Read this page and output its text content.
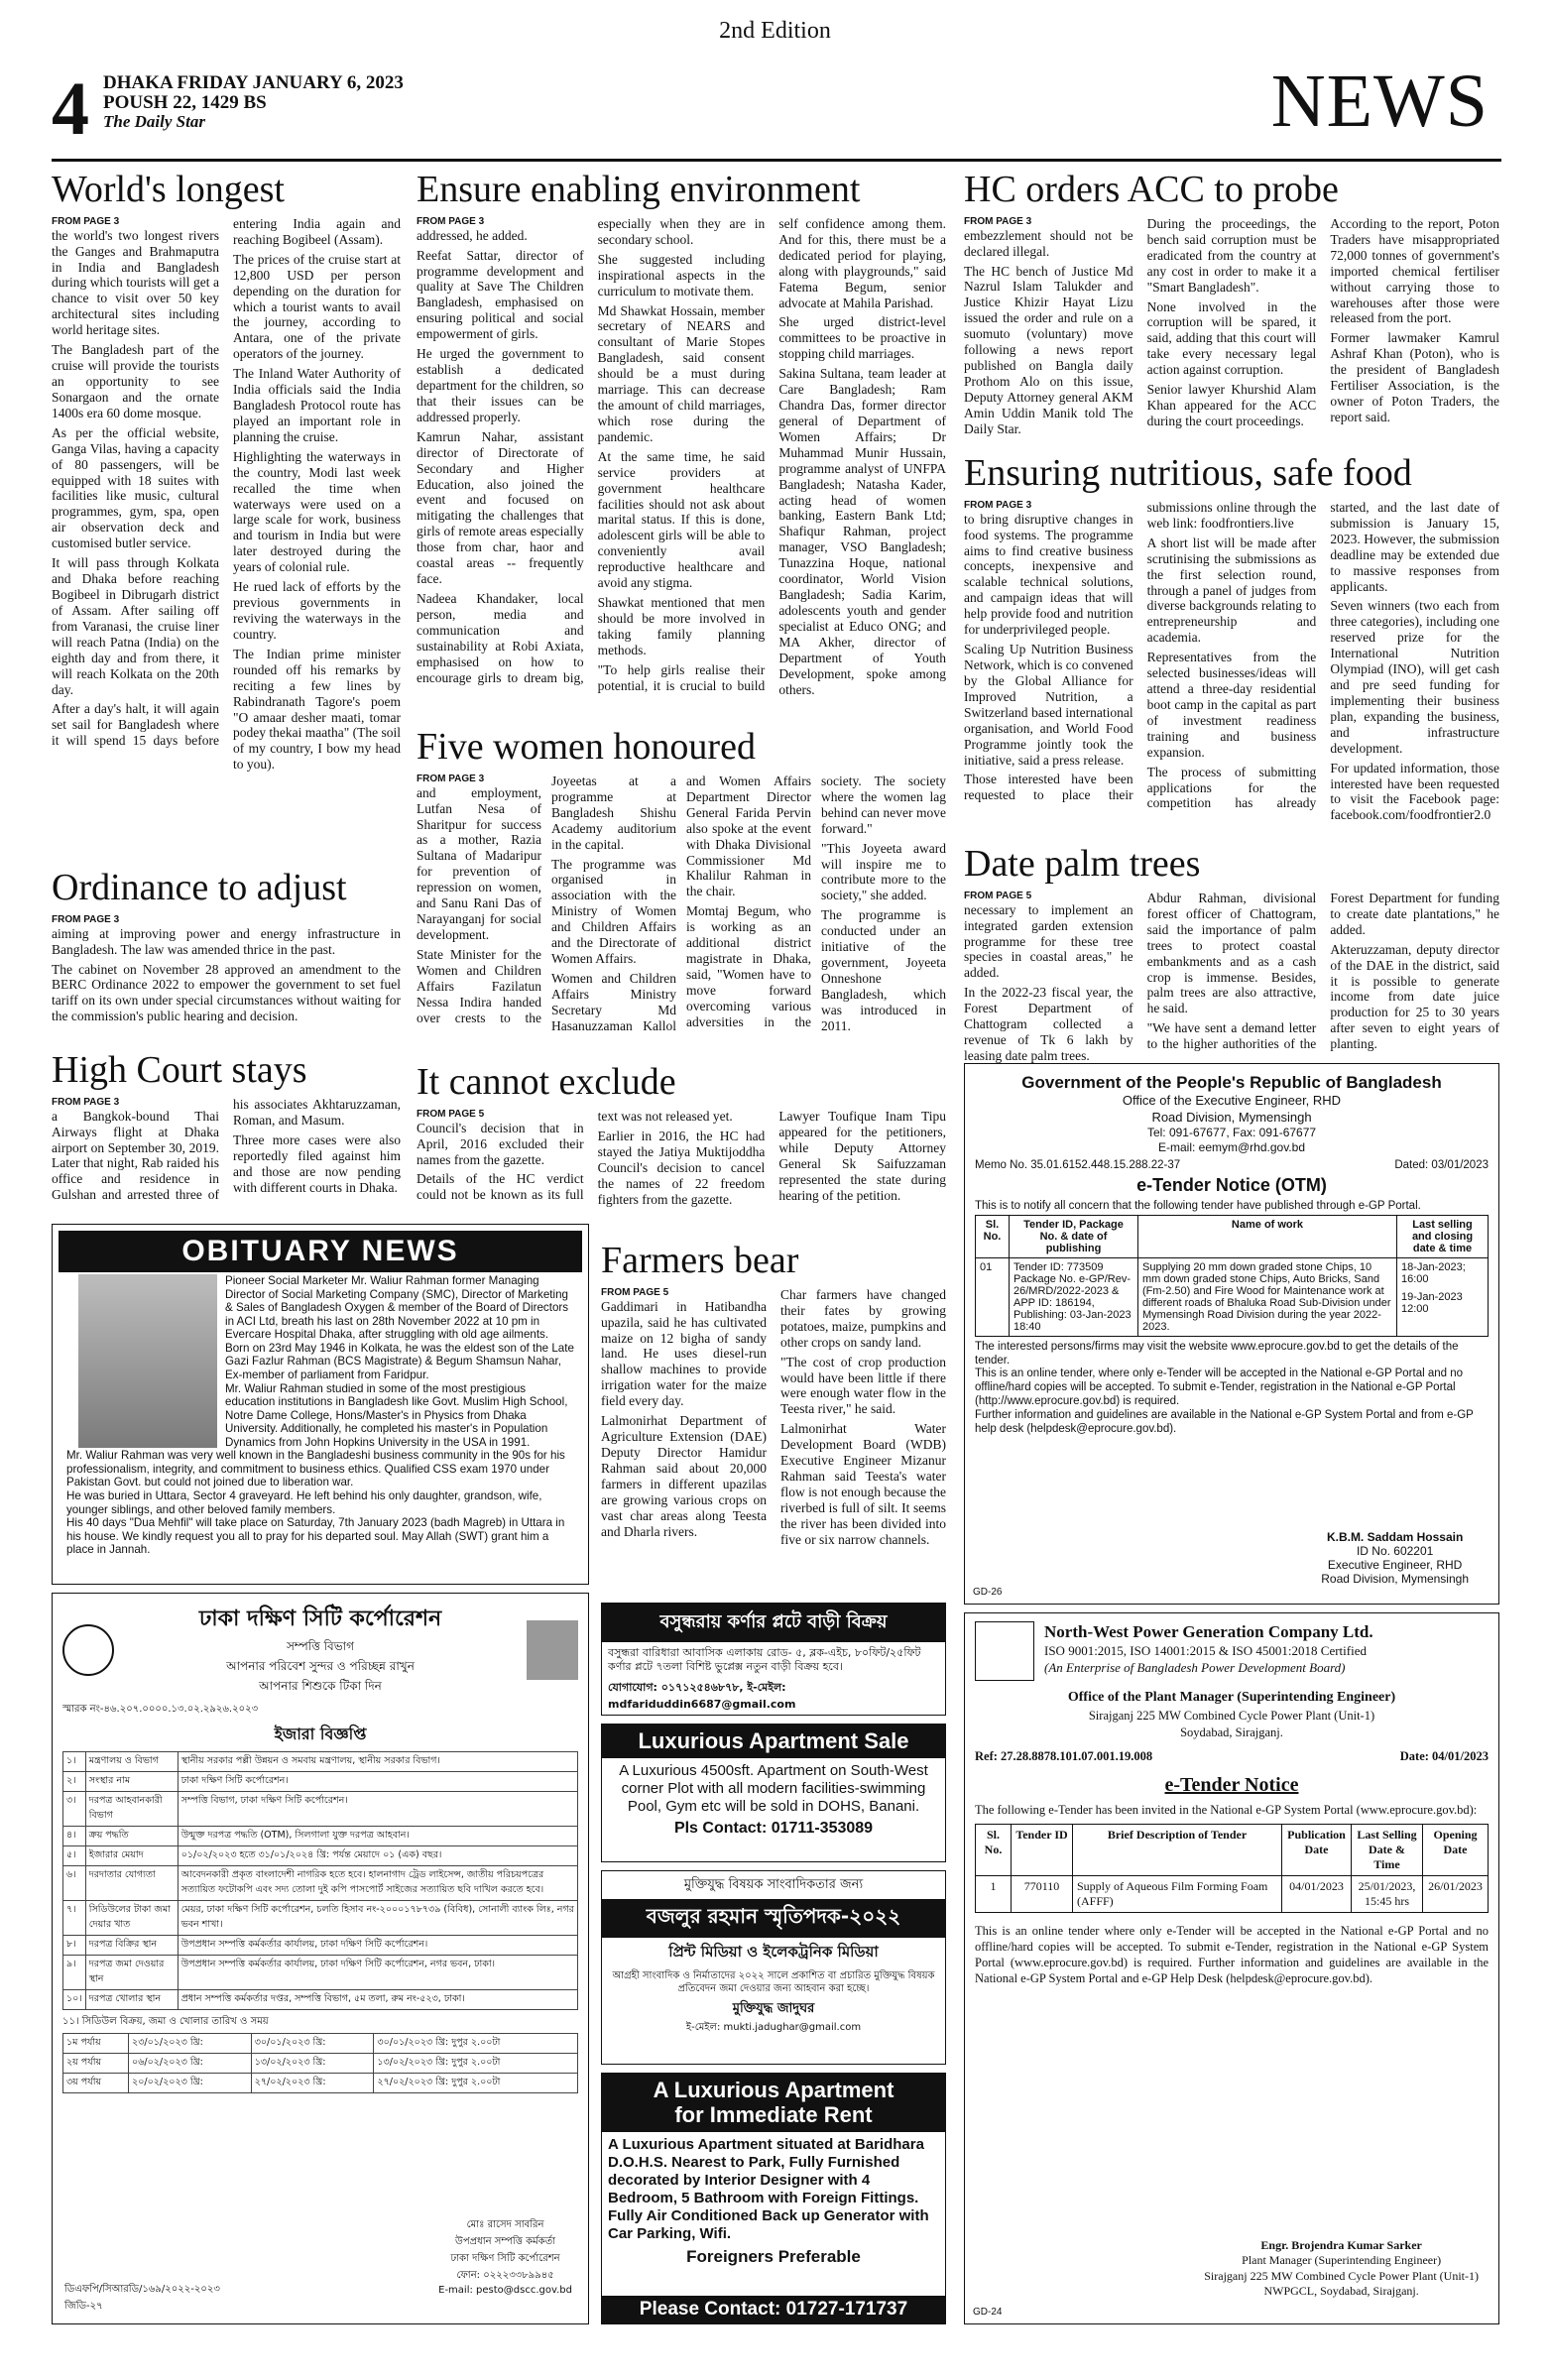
2nd Edition
4 DHAKA FRIDAY JANUARY 6, 2023
POUSH 22, 1429 BS
The Daily Star	NEWS
World's longest
FROM PAGE 3

the world's two longest rivers the Ganges and Brahmaputra in India and Bangladesh during which tourists will get a chance to visit over 50 key architectural sites including world heritage sites.

The Bangladesh part of the cruise will provide the tourists an opportunity to see Sonargaon and the ornate 1400s era 60 dome mosque.

As per the official website, Ganga Vilas, having a capacity of 80 passengers, will be equipped with 18 suites with facilities like music, cultural programmes, gym, spa, open air observation deck and customised butler service.

It will pass through Kolkata and Dhaka before reaching Bogibeel in Dibrugarh district of Assam. After sailing off from Varanasi, the cruise liner will reach Patna (India) on the eighth day and from there, it will reach Kolkata on the 20th day.

After a day's halt, it will again set sail for Bangladesh where it will spend 15 days before entering India again and reaching Bogibeel (Assam).

The prices of the cruise start at 12,800 USD per person depending on the duration for which a tourist wants to avail the journey, according to Antara, one of the private operators of the journey.

The Inland Water Authority of India officials said the India Bangladesh Protocol route has played an important role in planning the cruise.

Highlighting the waterways in the country, Modi last week recalled the time when waterways were used on a large scale for work, business and tourism in India but were later destroyed during the years of colonial rule.

He rued lack of efforts by the previous governments in reviving the waterways in the country.

The Indian prime minister rounded off his remarks by reciting a few lines by Rabindranath Tagore's poem "O amaar desher maati, tomar podey thekai maatha" (The soil of my country, I bow my head to you).

Ensure enabling environment
FROM PAGE 3

addressed, he added.

Reefat Sattar, director of programme development and quality at Save The Children Bangladesh, emphasised on ensuring political and social empowerment of girls.

He urged the government to establish a dedicated department for the children, so that their issues can be addressed properly.

Kamrun Nahar, assistant director of Directorate of Secondary and Higher Education, also joined the event and focused on mitigating the challenges that girls of remote areas especially those from char, haor and coastal areas -- frequently face.

Nadeea Khandaker, local person, media and communication and sustainability at Robi Axiata, emphasised on how to encourage girls to dream big, especially when they are in secondary school.

She suggested including inspirational aspects in the curriculum to motivate them.

Md Shawkat Hossain, member secretary of NEARS and consultant of Marie Stopes Bangladesh, said consent should be a must during marriage. This can decrease the amount of child marriages, which rose during the pandemic.

At the same time, he said service providers at government healthcare facilities should not ask about marital status. If this is done, adolescent girls will be able to conveniently avail reproductive healthcare and avoid any stigma.

Shawkat mentioned that men should be more involved in taking family planning methods.

"To help girls realise their potential, it is crucial to build self confidence among them. And for this, there must be a dedicated period for playing, along with playgrounds," said Fatema Begum, senior advocate at Mahila Parishad.

She urged district-level committees to be proactive in stopping child marriages.

Sakina Sultana, team leader at Care Bangladesh; Ram Chandra Das, former director general of Department of Women Affairs; Dr Muhammad Munir Hussain, programme analyst of UNFPA Bangladesh; Natasha Kader, acting head of women banking, Eastern Bank Ltd; Shafiqur Rahman, project manager, VSO Bangladesh; Tunazzina Hoque, national coordinator, World Vision Bangladesh; Sadia Karim, adolescents youth and gender specialist at Educo ONG; and MA Akher, director of Department of Youth Development, spoke among others.

HC orders ACC to probe
FROM PAGE 3

embezzlement should not be declared illegal.

The HC bench of Justice Md Nazrul Islam Talukder and Justice Khizir Hayat Lizu issued the order and rule on a suomuto (voluntary) move following a news report published on Bangla daily Prothom Alo on this issue, Deputy Attorney general AKM Amin Uddin Manik told The Daily Star.

During the proceedings, the bench said corruption must be eradicated from the country at any cost in order to make it a "Smart Bangladesh".

None involved in the corruption will be spared, it said, adding that this court will take every necessary legal action against corruption.

Senior lawyer Khurshid Alam Khan appeared for the ACC during the court proceedings.

According to the report, Poton Traders have misappropriated 72,000 tonnes of government's imported chemical fertiliser without carrying those to warehouses after those were released from the port.

Former lawmaker Kamrul Ashraf Khan (Poton), who is the president of Bangladesh Fertiliser Association, is the owner of Poton Traders, the report said.

Ensuring nutritious, safe food
FROM PAGE 3

to bring disruptive changes in food systems. The programme aims to find creative business concepts, inexpensive and scalable technical solutions, and campaign ideas that will help provide food and nutrition for underprivileged people.

Scaling Up Nutrition Business Network, which is co convened by the Global Alliance for Improved Nutrition, a Switzerland based international organisation, and World Food Programme jointly took the initiative, said a press release.

Those interested have been requested to place their submissions online through the web link: foodfrontiers.live

A short list will be made after scrutinising the submissions as the first selection round, through a panel of judges from diverse backgrounds relating to entrepreneurship and academia.

Representatives from the selected businesses/ideas will attend a three-day residential boot camp in the capital as part of investment readiness training and business expansion.

The process of submitting applications for the competition has already started, and the last date of submission is January 15, 2023. However, the submission deadline may be extended due to massive responses from applicants.

Seven winners (two each from three categories), including one reserved prize for the International Nutrition Olympiad (INO), will get cash and pre seed funding for implementing their business plan, expanding the business, and infrastructure development.

For updated information, those interested have been requested to visit the Facebook page: facebook.com/foodfrontier2.0

Ordinance to adjust
FROM PAGE 3

aiming at improving power and energy infrastructure in Bangladesh. The law was amended thrice in the past.

The cabinet on November 28 approved an amendment to the BERC Ordinance 2022 to empower the government to set fuel tariff on its own under special circumstances without waiting for the commission's public hearing and decision.

Five women honoured
FROM PAGE 3

and employment, Lutfan Nesa of Sharitpur for success as a mother, Razia Sultana of Madaripur for prevention of repression on women, and Sanu Rani Das of Narayanganj for social development.

State Minister for the Women and Children Affairs Fazilatun Nessa Indira handed over crests to the Joyeetas at a programme at Bangladesh Shishu Academy auditorium in the capital.

The programme was organised in association with the Ministry of Women and Children Affairs and the Directorate of Women Affairs.

Women and Children Affairs Ministry Secretary Md Hasanuzzaman Kallol and Women Affairs Department Director General Farida Pervin also spoke at the event with Dhaka Divisional Commissioner Md Khalilur Rahman in the chair.

Momtaj Begum, who is working as an additional district magistrate in Dhaka, said, "Women have to move forward overcoming various adversities in the society. The society where the women lag behind can never move forward."

"This Joyeeta award will inspire me to contribute more to the society," she added.

The programme is conducted under an initiative of the government, Joyeeta Onneshone Bangladesh, which was introduced in 2011.

Date palm trees
FROM PAGE 5

necessary to implement an integrated garden extension programme for these tree species in coastal areas," he added.

In the 2022-23 fiscal year, the Forest Department of Chattogram collected a revenue of Tk 6 lakh by leasing date palm trees.

Abdur Rahman, divisional forest officer of Chattogram, said the importance of palm trees to protect coastal embankments and as a cash crop is immense. Besides, palm trees are also attractive, he said.

"We have sent a demand letter to the higher authorities of the Forest Department for funding to create date plantations," he added.

Akteruzzaman, deputy director of the DAE in the district, said it is possible to generate income from date juice production for 25 to 30 years after seven to eight years of planting.

High Court stays
FROM PAGE 3

a Bangkok-bound Thai Airways flight at Dhaka airport on September 30, 2019. Later that night, Rab raided his office and residence in Gulshan and arrested three of his associates Akhtaruzzaman, Roman, and Masum.

Three more cases were also reportedly filed against him and those are now pending with different courts in Dhaka.

It cannot exclude
FROM PAGE 5

Council's decision that in April, 2016 excluded their names from the gazette.

Details of the HC verdict could not be known as its full text was not released yet.

Earlier in 2016, the HC had stayed the Jatiya Muktijoddha Council's decision to cancel the names of 22 freedom fighters from the gazette.

Lawyer Toufique Inam Tipu appeared for the petitioners, while Deputy Attorney General Sk Saifuzzaman represented the state during hearing of the petition.

Farmers bear
FROM PAGE 5

Gaddimari in Hatibandha upazila, said he has cultivated maize on 12 bigha of sandy land. He uses diesel-run shallow machines to provide irrigation water for the maize field every day.

Lalmonirhat Department of Agriculture Extension (DAE) Deputy Director Hamidur Rahman said about 20,000 farmers in different upazilas are growing various crops on vast char areas along Teesta and Dharla rivers.

Char farmers have changed their fates by growing potatoes, maize, pumpkins and other crops on sandy land.

"The cost of crop production would have been little if there were enough water flow in the Teesta river," he said.

Lalmonirhat Water Development Board (WDB) Executive Engineer Mizanur Rahman said Teesta's water flow is not enough because the riverbed is full of silt. It seems the river has been divided into five or six narrow channels.

OBITUARY NEWS
Pioneer Social Marketer Mr. Waliur Rahman former Managing Director of Social Marketing Company (SMC), Director of Marketing & Sales of Bangladesh Oxygen & member of the Board of Directors in ACI Ltd, breath his last on 28th November 2022 at 10 pm in Evercare Hospital Dhaka, after struggling with old age ailments.
Born on 23rd May 1946 in Kolkata, he was the eldest son of the Late Gazi Fazlur Rahman (BCS Magistrate) & Begum Shamsun Nahar, Ex-member of parliament from Faridpur.
Mr. Waliur Rahman studied in some of the most prestigious education institutions in Bangladesh like Govt. Muslim High School, Notre Dame College, Hons/Master's in Physics from Dhaka University. Additionally, he completed his master's in Population Dynamics from John Hopkins University in the USA in 1991.
Mr. Waliur Rahman was very well known in the Bangladeshi business community in the 90s for his professionalism, integrity, and commitment to business ethics. Qualified CSS exam 1970 under Pakistan Govt. but could not joined due to liberation war.
He was buried in Uttara, Sector 4 graveyard. He left behind his only daughter, grandson, wife, younger siblings, and other beloved family members.
His 40 days "Dua Mehfil" will take place on Saturday, 7th January 2023 (badh Magreb) in Uttara in his house. We kindly request you all to pray for his departed soul. May Allah (SWT) grant him a place in Jannah.
ঢাকা দক্ষিণ সিটি কর্পোরেশন
সম্পত্তি বিভাগ
আপনার পরিবেশ সুন্দর ও পরিচ্ছন্ন রাখুন
আপনার শিশুকে টিকা দিন
স্মারক নং-৪৬.২০৭.০০০০.১৩.০২.২৯২৬.২০২৩
ইজারা বিজ্ঞপ্তি
১।	মন্ত্রণালয় ও বিভাগ	স্থানীয় সরকার পল্লী উন্নয়ন ও সমবায় মন্ত্রণালয়, স্থানীয় সরকার বিভাগ।
২।	সংস্থার নাম	ঢাকা দক্ষিণ সিটি কর্পোরেশন।
৩।	দরপত্র আহবানকারী বিভাগ	সম্পত্তি বিভাগ, ঢাকা দক্ষিণ সিটি কর্পোরেশন।
৪।	ক্রয় পদ্ধতি	উন্মুক্ত দরপত্র পদ্ধতি (OTM), সিলগালা যুক্ত দরপত্র আহবান।
৫।	ইজারার মেয়াদ	০১/০২/২০২৩ হতে ৩১/০১/২০২৪ খ্রি: পর্যন্ত মেয়াদে ০১ (এক) বছর।
৬।	দরদাতার যোগ্যতা	আবেদনকারী প্রকৃত বাংলাদেশী নাগরিক হতে হবে। হালনাগাদ ট্রেড লাইসেন্স, জাতীয় পরিচয়পত্রের সত্যায়িত ফটোকপি এবং সদ্য তোলা দুই কপি পাসপোর্ট সাইজের সত্যায়িত ছবি দাখিল করতে হবে।
৭।	সিডিউলের টাকা জমা দেয়ার খাত	মেয়র, ঢাকা দক্ষিণ সিটি কর্পোরেশন, চলতি হিসাব নং-২০০০১৭৮৭৩৯ (বিবিধ), সোনালী ব্যাংক লিঃ, নগর ভবন শাখা।
৮।	দরপত্র বিক্রির স্থান	উপপ্রধান সম্পত্তি কর্মকর্তার কার্যালয়, ঢাকা দক্ষিণ সিটি কর্পোরেশন।
৯।	দরপত্র জমা দেওয়ার স্থান	উপপ্রধান সম্পত্তি কর্মকর্তার কার্যালয়, ঢাকা দক্ষিণ সিটি কর্পোরেশন, নগর ভবন, ঢাকা।
১০।	দরপত্র খোলার স্থান	প্রধান সম্পত্তি কর্মকর্তার দপ্তর, সম্পত্তি বিভাগ, ৫ম তলা, রুম নং-৫২৩, ঢাকা।
১১। সিডিউল বিক্রয়, জমা ও খোলার তারিখ ও সময়
১ম পর্যায়	২৩/০১/২০২৩ খ্রি:	৩০/০১/২০২৩ খ্রি:	৩০/০১/২০২৩ খ্রি: দুপুর ২.০০টা
২য় পর্যায়	০৬/০২/২০২৩ খ্রি:	১৩/০২/২০২৩ খ্রি:	১৩/০২/২০২৩ খ্রি: দুপুর ২.০০টা
৩য় পর্যায়	২০/০২/২০২৩ খ্রি:	২৭/০২/২০২৩ খ্রি:	২৭/০২/২০২৩ খ্রি: দুপুর ২.০০টা
মোঃ রাসেদ সাবরিন
উপপ্রধান সম্পত্তি কর্মকর্তা
ঢাকা দক্ষিণ সিটি কর্পোরেশন
ফোন: ০২২২৩৩৮৯৯৪৫
E-mail: pesto@dscc.gov.bd
ডিএফপি/সিআরডি/১৬৯/২০২২-২০২৩
জিডি-২৭
বসুন্ধরায় কর্ণার প্লটে বাড়ী বিক্রয়
বসুন্ধরা বারিধারা আবাসিক এলাকায় রোড- ৫, ব্লক-এইচ, ৮০ফিট/২৫ফিট কর্ণার প্লটে ৭তলা বিশিষ্ট ভুপ্লেক্স নতুন বাড়ী বিক্রয় হবে।
যোগাযোগ: ০১৭১২৫৪৬৮৭৮, ই-মেইল: mdfariduddin6687@gmail.com
Luxurious Apartment Sale
A Luxurious 4500sft. Apartment on South-West corner Plot with all modern facilities-swimming Pool, Gym etc will be sold in DOHS, Banani.
Pls Contact: 01711-353089
মুক্তিযুদ্ধ বিষয়ক সাংবাদিকতার জন্য
বজলুর রহমান স্মৃতিপদক-২০২২
প্রিন্ট মিডিয়া ও ইলেকট্রনিক মিডিয়া
আগ্রহী সাংবাদিক ও নির্মাতাদের ২০২২ সালে প্রকাশিত বা প্রচারিত মুক্তিযুদ্ধ বিষয়ক প্রতিবেদন জমা দেওয়ার জন্য আহবান করা হচ্ছে।
মুক্তিযুদ্ধ জাদুঘর
ই-মেইল: mukti.jadughar@gmail.com
A Luxurious Apartment
for Immediate Rent
A Luxurious Apartment situated at Baridhara D.O.H.S. Nearest to Park, Fully Furnished decorated by Interior Designer with 4 Bedroom, 5 Bathroom with Foreign Fittings. Fully Air Conditioned Back up Generator with Car Parking, Wifi.
Foreigners Preferable
Please Contact: 01727-171737
Government of the People's Republic of Bangladesh
Office of the Executive Engineer, RHD
Road Division, Mymensingh
Tel: 091-67677, Fax: 091-67677
E-mail: eemym@rhd.gov.bd
Memo No. 35.01.6152.448.15.288.22-37	Dated: 03/01/2023
e-Tender Notice (OTM)
This is to notify all concern that the following tender have published through e-GP Portal.
Sl. No.	Tender ID, Package No. & date of publishing	Name of work	Last selling and closing date & time
01	Tender ID: 773509 Package No. e-GP/Rev-26/MRD/2022-2023 & APP ID: 186194, Publishing: 03-Jan-2023 18:40	Supplying 20 mm down graded stone Chips, 10 mm down graded stone Chips, Auto Bricks, Sand (Fm-2.50) and Fire Wood for Maintenance work at different roads of Bhaluka Road Sub-Division under Mymensingh Road Division during the year 2022-2023.	18-Jan-2023; 16:00
19-Jan-2023 12:00
The interested persons/firms may visit the website www.eprocure.gov.bd to get the details of the tender.
This is an online tender, where only e-Tender will be accepted in the National e-GP Portal and no offline/hard copies will be accepted. To submit e-Tender, registration in the National e-GP Portal (http://www.eprocure.gov.bd) is required.
Further information and guidelines are available in the National e-GP System Portal and from e-GP help desk (helpdesk@eprocure.gov.bd).
K.B.M. Saddam Hossain
ID No. 602201
Executive Engineer, RHD
Road Division, Mymensingh
GD-26
North-West Power Generation Company Ltd.
ISO 9001:2015, ISO 14001:2015 & ISO 45001:2018 Certified
(An Enterprise of Bangladesh Power Development Board)
Office of the Plant Manager (Superintending Engineer)
Sirajganj 225 MW Combined Cycle Power Plant (Unit-1)
Soydabad, Sirajganj.
Ref: 27.28.8878.101.07.001.19.008	Date: 04/01/2023
e-Tender Notice
The following e-Tender has been invited in the National e-GP System Portal (www.eprocure.gov.bd):
Sl. No.	Tender ID	Brief Description of Tender	Publication Date	Last Selling Date & Time	Opening Date
1	770110	Supply of Aqueous Film Forming Foam (AFFF)	04/01/2023	25/01/2023, 15:45 hrs	26/01/2023
This is an online tender where only e-Tender will be accepted in the National e-GP Portal and no offline/hard copies will be accepted. To submit e-Tender, registration in the National e-GP System Portal (www.eprocure.gov.bd) is required. Further information and guidelines are available in the National e-GP System Portal and e-GP Help Desk (helpdesk@eprocure.gov.bd).
Engr. Brojendra Kumar Sarker
Plant Manager (Superintending Engineer)
Sirajganj 225 MW Combined Cycle Power Plant (Unit-1)
NWPGCL, Soydabad, Sirajganj.
GD-24
